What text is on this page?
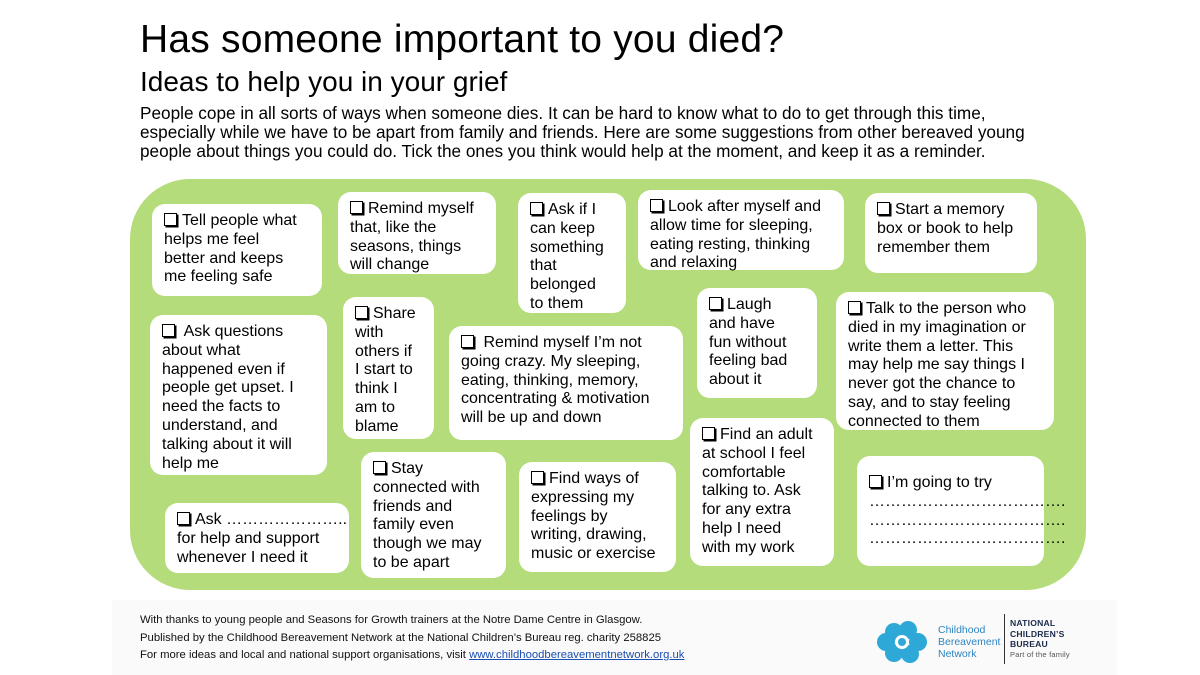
Has someone important to you died?
Ideas to help you in your grief
People cope in all sorts of ways when someone dies. It can be hard to know what to do to get through this time,
especially while we have to be apart from family and friends. Here are some suggestions from other bereaved young
people about things you could do. Tick the ones you think would help at the moment, and keep it as a reminder.
Tell people what
helps me feel
better and keeps
me feeling safe
Remind myself
that, like the
seasons, things
will change
Ask if I
can keep
something
that
belonged
to them
Look after myself and
allow time for sleeping,
eating resting, thinking
and relaxing
Start a memory
box or book to help
remember them
Ask questions
about what
happened even if
people get upset. I
need the facts to
understand, and
talking about it will
help me
Share
with
others if
I start to
think I
am to
blame
Remind myself I’m not
going crazy. My sleeping,
eating, thinking, memory,
concentrating & motivation
will be up and down
Laugh
and have
fun without
feeling bad
about it
Talk to the person who
died in my imagination or
write them a letter. This
may help me say things I
never got the chance to
say, and to stay feeling
connected to them
Stay
connected with
friends and
family even
though we may
to be apart
Find ways of
expressing my
feelings by
writing, drawing,
music or exercise
Find an adult
at school I feel
comfortable
talking to. Ask
for any extra
help I need
with my work
I’m going to try
……………………………….
……………………………….
……………………………….
Ask …………………..
for help and support
whenever I need it
With thanks to young people and Seasons for Growth trainers at the Notre Dame Centre in Glasgow.
Published by the Childhood Bereavement Network at the National Children’s Bureau reg. charity 258825
For more ideas and local and national support organisations, visit www.childhoodbereavementnetwork.org.uk
Childhood
Bereavement
Network
NATIONAL
CHILDREN’S
BUREAU
Part of the family
